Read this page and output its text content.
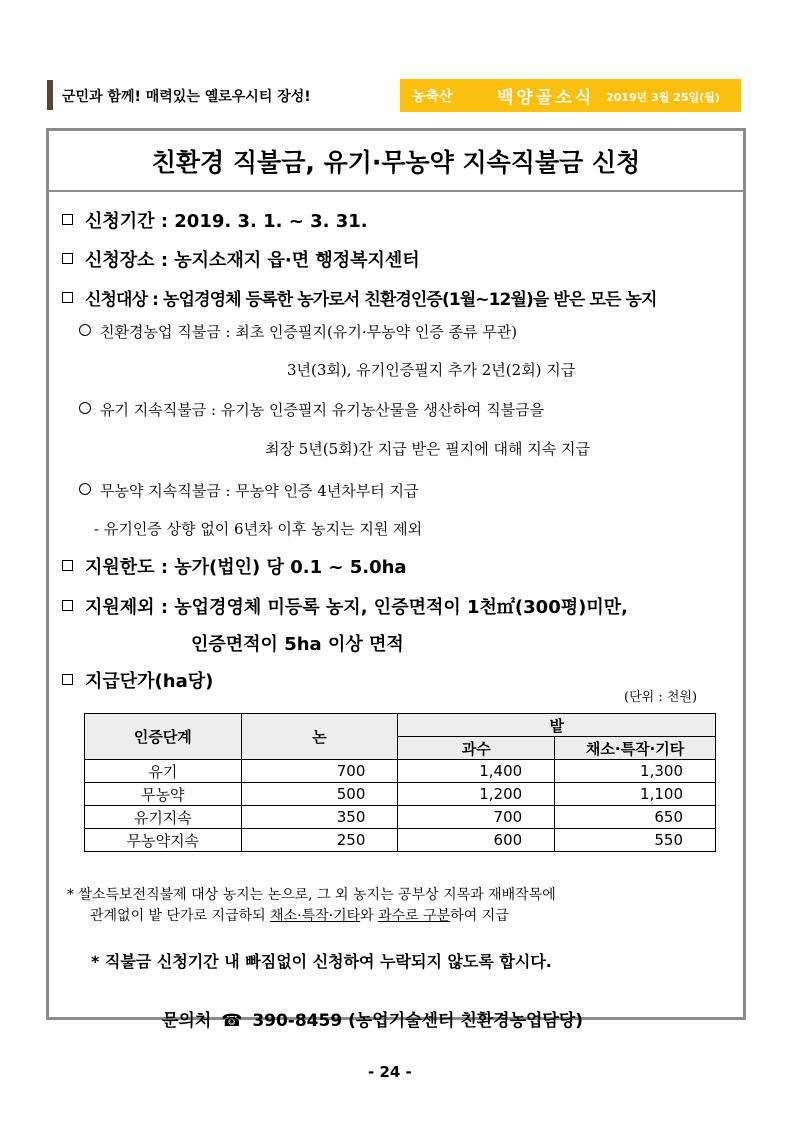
군민과 함께! 매력있는 옐로우시티 장성!	농축산	백양골소식 2019년 3월 25일(월)
친환경 직불금, 유기·무농약 지속직불금 신청
신청기간 : 2019. 3. 1. ~ 3. 31.
신청장소 : 농지소재지 읍·면 행정복지센터
신청대상 : 농업경영체 등록한 농가로서 친환경인증(1월~12월)을 받은 모든 농지
친환경농업 직불금 : 최초 인증필지(유기·무농약 인증 종류 무관)
3년(3회), 유기인증필지 추가 2년(2회) 지급
유기 지속직불금 : 유기농 인증필지 유기농산물을 생산하여 직불금을
최장 5년(5회)간 지급 받은 필지에 대해 지속 지급
무농약 지속직불금 : 무농약 인증 4년차부터 지급
- 유기인증 상향 없이 6년차 이후 농지는 지원 제외
지원한도 : 농가(법인) 당 0.1 ~ 5.0ha
지원제외 : 농업경영체 미등록 농지, 인증면적이 1천㎡(300평)미만,
인증면적이 5ha 이상 면적
지급단가(ha당)
(단위 : 천원)
인증단계	논	밭	
		과수	채소·특작·기타
유기	700	1,400	1,300
무농약	500	1,200	1,100
유기지속	350	700	650
무농약지속	250	600	550
* 쌀소득보전직불제 대상 농지는 논으로, 그 외 농지는 공부상 지목과 재배작목에
관계없이 밭 단가로 지급하되 채소·특작·기타와 과수로 구분하여 지급
* 직불금 신청기간 내 빠짐없이 신청하여 누락되지 않도록 합시다.
문의처 ☎ 390-8459 (농업기술센터 친환경농업담당)
- 24 -
